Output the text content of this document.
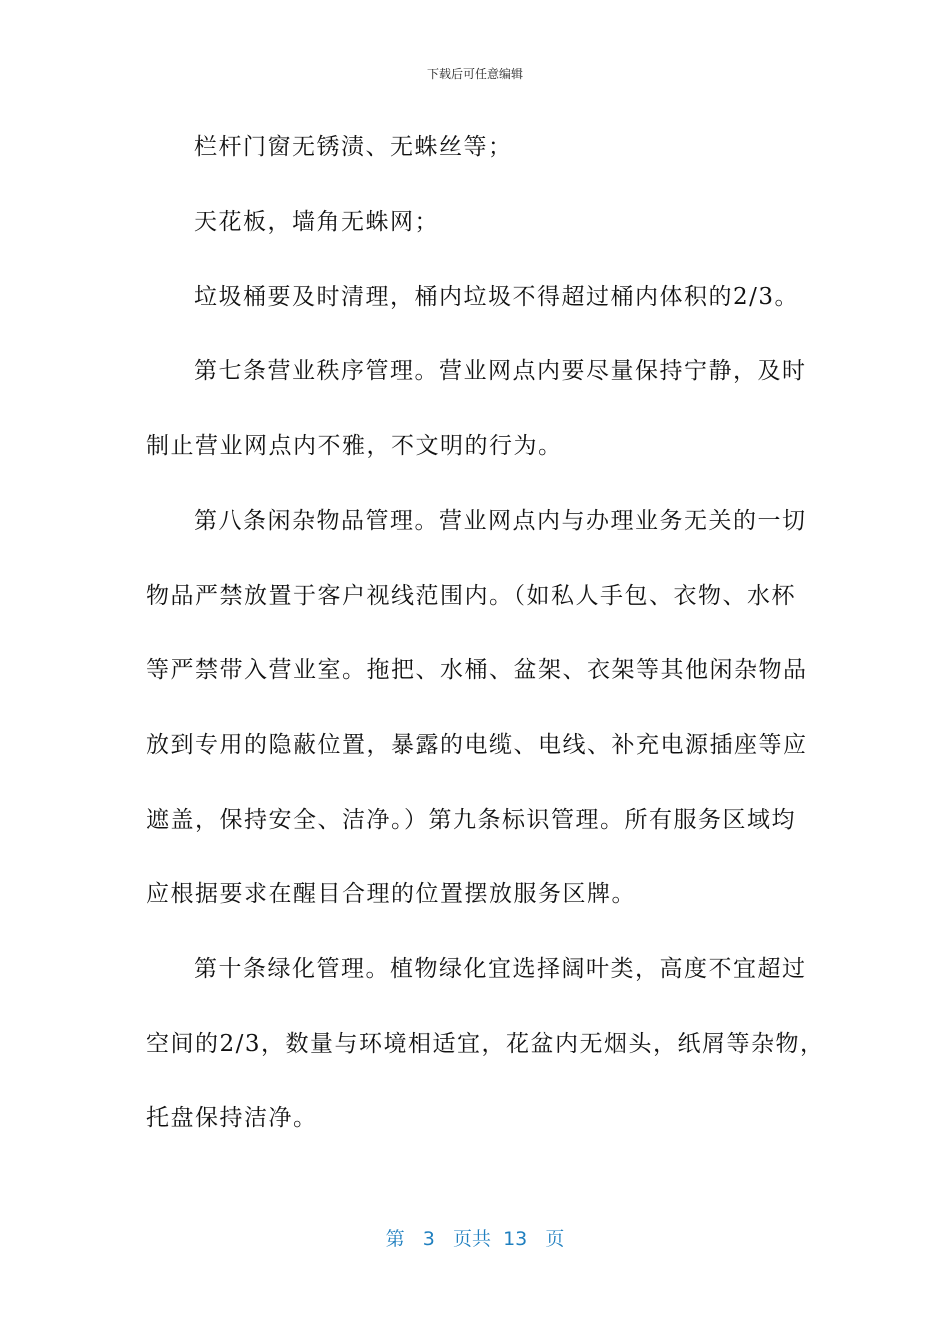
下载后可任意编辑
栏杆门窗无锈渍、无蛛丝等；
天花板，墙角无蛛网；
垃圾桶要及时清理，桶内垃圾不得超过桶内体积的2/3。
第七条营业秩序管理。营业网点内要尽量保持宁静，及时
制止营业网点内不雅，不文明的行为。
第八条闲杂物品管理。营业网点内与办理业务无关的一切
物品严禁放置于客户视线范围内。（如私人手包、衣物、水杯
等严禁带入营业室。拖把、水桶、盆架、衣架等其他闲杂物品
放到专用的隐蔽位置，暴露的电缆、电线、补充电源插座等应
遮盖，保持安全、洁净。）第九条标识管理。所有服务区域均
应根据要求在醒目合理的位置摆放服务区牌。
第十条绿化管理。植物绿化宜选择阔叶类，高度不宜超过
空间的2/3，数量与环境相适宜，花盆内无烟头，纸屑等杂物，
托盘保持洁净。
第 3 页共 13 页
